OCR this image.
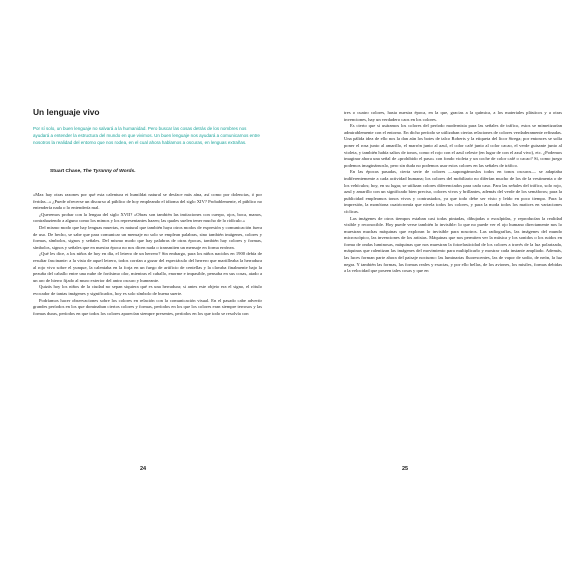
Un lenguaje vivo

Por sí solo, un buen lenguaje no salvará a la humanidad. Pero buscar las cosas detrás de los nombres nos ayudará a entender la estructura del mundo en que vivimos. Un buen lenguaje nos ayudará a comunicarnos entre nosotros la realidad del entorno que nos rodea, en el cual ahora hablamos a oscuras, en lenguas extrañas.

Stuart Chase, The Tyranny of Words.

«Max hay otras razones por qué esta calentura et humildat natural se desface más aína, así como por dolencias, ó por feridas...» ¿Puede ofrecerse un discurso al público de hoy empleando el idioma del siglo XIV? Probablemente, el público no entendería nada o lo entendería mal.

¿Queremos probar con la lengua del siglo XVII? «Obras son también las imitaciones con cuerpo, ojos, boca, manos, contrahaziendo a alguno como los mimos y los representantes hazen; las quales suelen tener mucho de lo ridículo.»

Del mismo modo que hay lenguas muertas, es natural que también haya otros modos de expresión y comunicación fuera de uso. De hecho, se sabe que para comunicar un mensaje no solo se emplean palabras, sino también imágenes, colores y formas, símbolos, signos y señales. Del mismo modo que hay palabras de otras épocas, también hay colores y formas, símbolos, signos y señales que en nuestra época no nos dicen nada o transmiten un mensaje en forma errónea.

¿Qué les dice, a los niños de hoy en día, el letrero de un herrero? Sin embargo, para los niños nacidos en 1900 debía de resultar fascinante: a la vista de aquel letrero, todos corrían a gozar del espectáculo del herrero que martilleaba la herradura al rojo vivo sobre el yunque, la calentaba en la forja en un fuego de artificio de centellas y la clavaba finalmente bajo la pezuña del caballo entre una nube de fortísimo olor, mientras el caballo, enorme e impasible, pensaba en sus cosas, atado a un aro de hierro fijado al muro exterior del antro oscuro y humeante.

Quizás hoy los niños de la ciudad no sepan siquiera qué es una herradura; si antes este objeto era el signo, el rótulo evocador de tantas imágenes y significados, hoy es solo símbolo de buena suerte.

Podríamos hacer observaciones sobre los colores en relación con la comunicación visual. En el pasado cabe advertir grandes períodos en los que dominaban ciertos colores y formas, períodos en los que los colores eran siempre terrosos y las formas duras, períodos en que todos los colores aparecían siempre presentes, períodos en los que todo se resolvía con

24

tres o cuatro colores, hasta nuestra época, en la que, gracias a la química, a los materiales plásticos y a otras invenciones, hay un verdadero caos en los colores.

Es cierto que si usáramos los colores del período modernista para las señales de tráfico, estos se mimetizarían admirablemente con el entorno. En dicho período se utilizaban ciertas relaciones de colores verdaderamente refinadas. Una pálida idea de ello nos la dan aún los botes de talco Roberts y la etiqueta del licor Strega; por entonces se solía poner el rosa junto al amarillo, el marrón junto al azul, el color café junto al color cacao, el verde guisante junto al violeta, y también había saltos de tonos, como el rojo con el azul celeste (en lugar de con el azul vivo), etc. ¿Podemos imaginar ahora una señal de «prohibido el paso» con fondo violeta y un coche de color café o cacao? Sí, como juego podemos imaginárnoslo, pero sin duda no podemos usar estos colores en las señales de tráfico.

En las épocas pasadas, cierta serie de colores —supongámoslos todos en tonos oscuros— se adaptaba indiferentemente a cada actividad humana; los colores del mobiliario no diferían mucho de los de la vestimenta o de los vehículos; hoy, en su lugar, se utilizan colores diferenciados para cada caso. Para las señales del tráfico, solo rojo, azul y amarillo con un significado bien preciso, colores vivos y brillantes, además del verde de los semáforos; para la publicidad empleamos tonos vivos y contrastados, ya que todo debe ser visto y leído en poco tiempo. Para la impresión, la monótona cuatricromía que nivela todos los colores, y para la moda todos los matices en variaciones cíclicas.

Las imágenes de otros tiempos estaban casi todas pintadas, dibujadas o esculpidas, y reproducían la realidad visible y reconocible. Hoy puede verse también lo invisible: lo que no puede ver el ojo humano directamente nos lo muestran muchas máquinas que exploran lo invisible para nosotros. Las radiografías, las imágenes del mundo microscópico, las invenciones de los artistas. Máquinas que nos permiten ver la música y los sonidos o los ruidos en forma de ondas luminosas, máquinas que nos muestran la fotoelasticidad de los colores a través de la luz polarizada, máquinas que ralentizan las imágenes del movimiento para multiplicarlo y mostrar cada instante ampliado. Además, las luces forman parte ahora del paisaje nocturno: las luminarias fluorescentes, las de vapor de sodio, de neón, la luz negra. Y también las formas, las formas reales y exactas, y por ello bellas, de los aviones, los misiles, formas debidas a la velocidad que poseen tales cosas y que en

25
